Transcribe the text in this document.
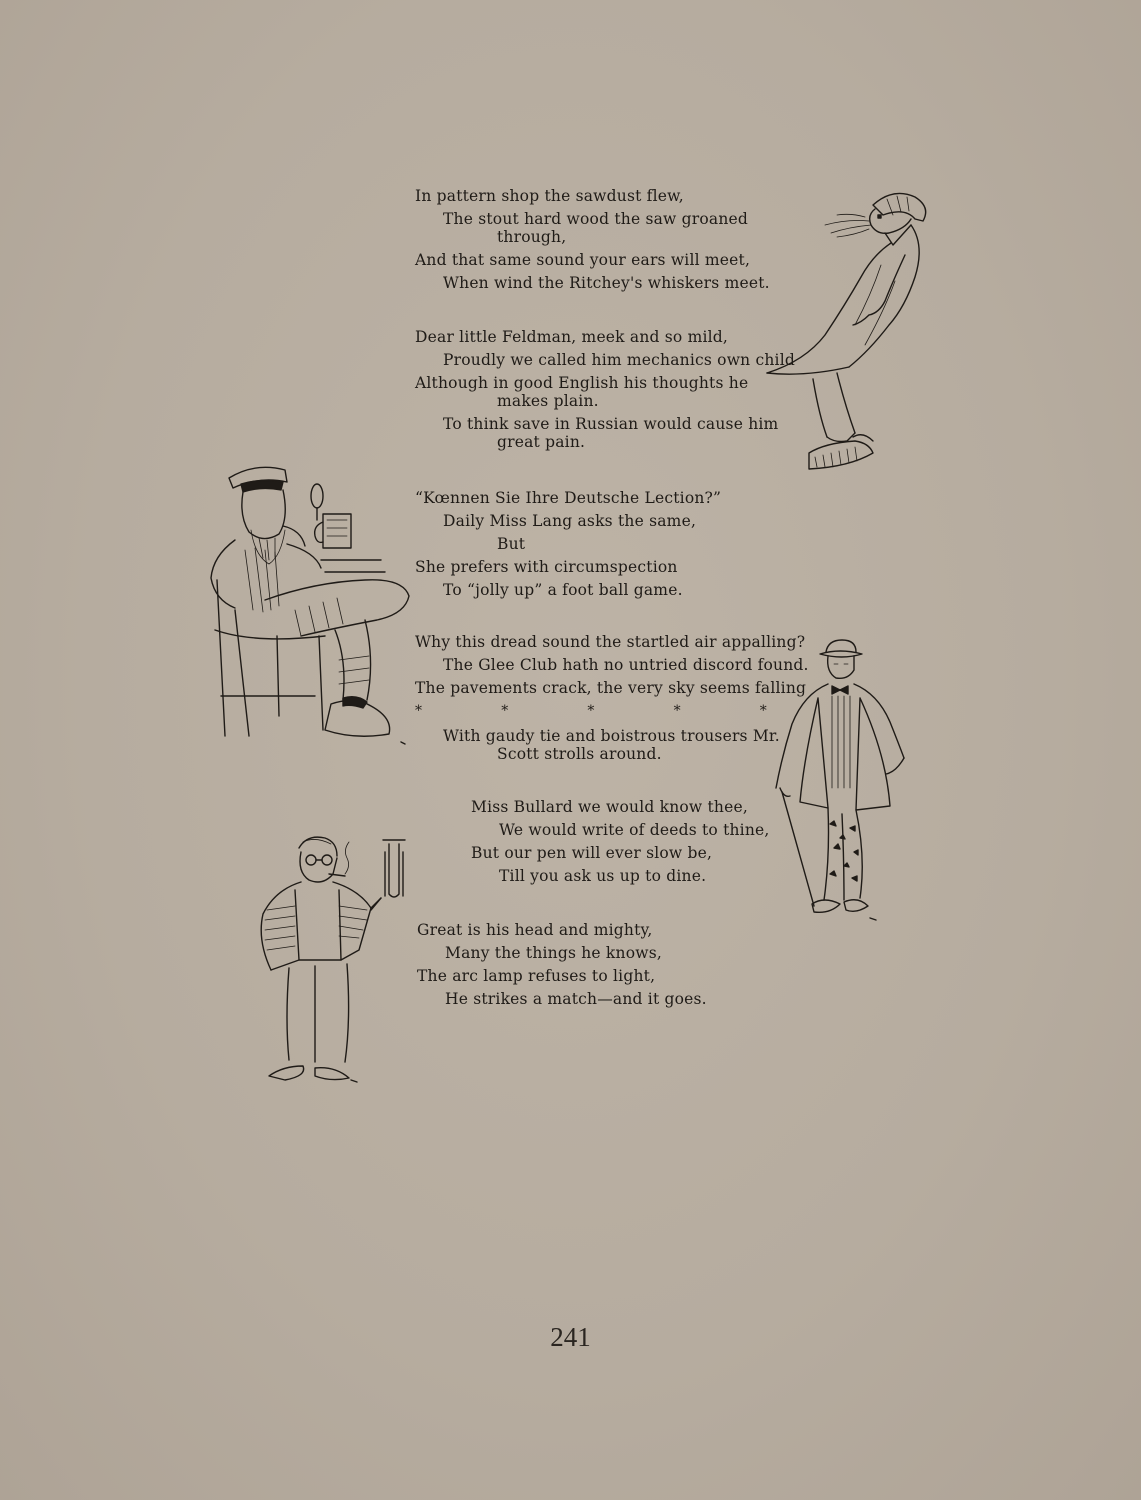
In pattern shop the sawdust flew,
The stout hard wood the saw groaned
through,
And that same sound your ears will meet,
When wind the Ritchey's whiskers meet.
Dear little Feldman, meek and so mild,
Proudly we called him mechanics own child
Although in good English his thoughts he
makes plain.
To think save in Russian would cause him
great pain.
“Kœnnen Sie Ihre Deutsche Lection?”
Daily Miss Lang asks the same,
But
She prefers with circumspection
To “jolly up” a foot ball game.
Why this dread sound the startled air appalling?
The Glee Club hath no untried discord found.
The pavements crack, the very sky seems falling
*	*	*	*	*
With gaudy tie and boistrous trousers Mr.
Scott strolls around.
Miss Bullard we would know thee,
We would write of deeds to thine,
But our pen will ever slow be,
Till you ask us up to dine.
Great is his head and mighty,
Many the things he knows,
The arc lamp refuses to light,
He strikes a match—and it goes.
241
